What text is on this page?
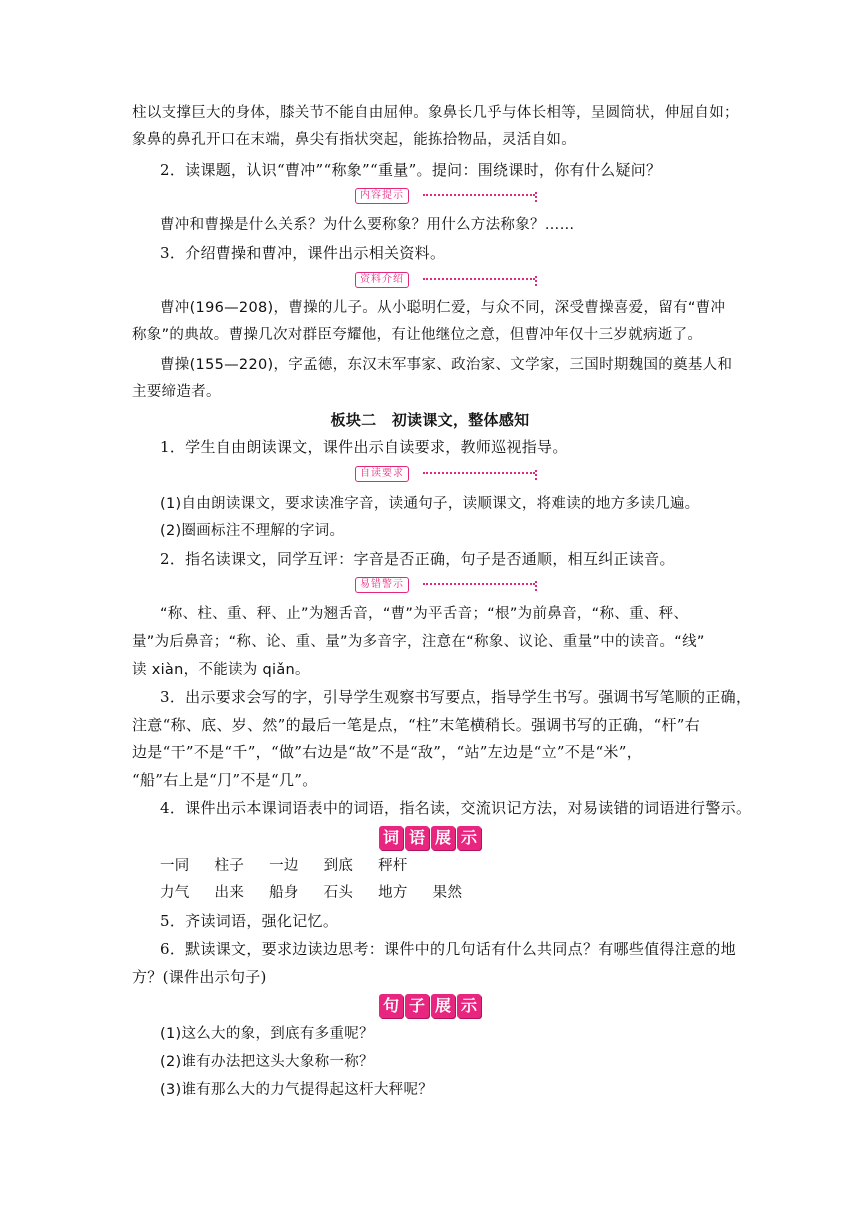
柱以支撑巨大的身体，膝关节不能自由屈伸。象鼻长几乎与体长相等，呈圆筒状，伸屈自如；
象鼻的鼻孔开口在末端，鼻尖有指状突起，能拣拾物品，灵活自如。
2．读课题，认识“曹冲”“称象”“重量”。提问：围绕课时，你有什么疑问？
内容提示
曹冲和曹操是什么关系？为什么要称象？用什么方法称象？……
3．介绍曹操和曹冲，课件出示相关资料。
资料介绍
曹冲(196—208)，曹操的儿子。从小聪明仁爱，与众不同，深受曹操喜爱，留有“曹冲
称象”的典故。曹操几次对群臣夸耀他，有让他继位之意，但曹冲年仅十三岁就病逝了。
曹操(155—220)，字孟德，东汉末军事家、政治家、文学家，三国时期魏国的奠基人和
主要缔造者。
板块二　初读课文，整体感知
1．学生自由朗读课文，课件出示自读要求，教师巡视指导。
自读要求
(1)自由朗读课文，要求读准字音，读通句子，读顺课文，将难读的地方多读几遍。
(2)圈画标注不理解的字词。
2．指名读课文，同学互评：字音是否正确，句子是否通顺，相互纠正读音。
易错警示
“称、柱、重、秤、止”为翘舌音，“曹”为平舌音；“根”为前鼻音，“称、重、秤、
量”为后鼻音；“称、论、重、量”为多音字，注意在“称象、议论、重量”中的读音。“线”
读 xiàn，不能读为 qiǎn。
3．出示要求会写的字，引导学生观察书写要点，指导学生书写。强调书写笔顺的正确，
注意“称、底、岁、然”的最后一笔是点，“柱”末笔横稍长。强调书写的正确，“杆”右
边是“干”不是“千”，“做”右边是“故”不是“敌”，“站”左边是“立”不是“米”，
“船”右上是“⺆”不是“几”。
4．课件出示本课词语表中的词语，指名读，交流识记方法，对易读错的词语进行警示。
词 语 展 示
一同 柱子 一边 到底 秤杆
力气 出来 船身 石头 地方 果然
5．齐读词语，强化记忆。
6．默读课文，要求边读边思考：课件中的几句话有什么共同点？有哪些值得注意的地
方？(课件出示句子)
句 子 展 示
(1)这么大的象，到底有多重呢？
(2)谁有办法把这头大象称一称？
(3)谁有那么大的力气提得起这杆大秤呢？
